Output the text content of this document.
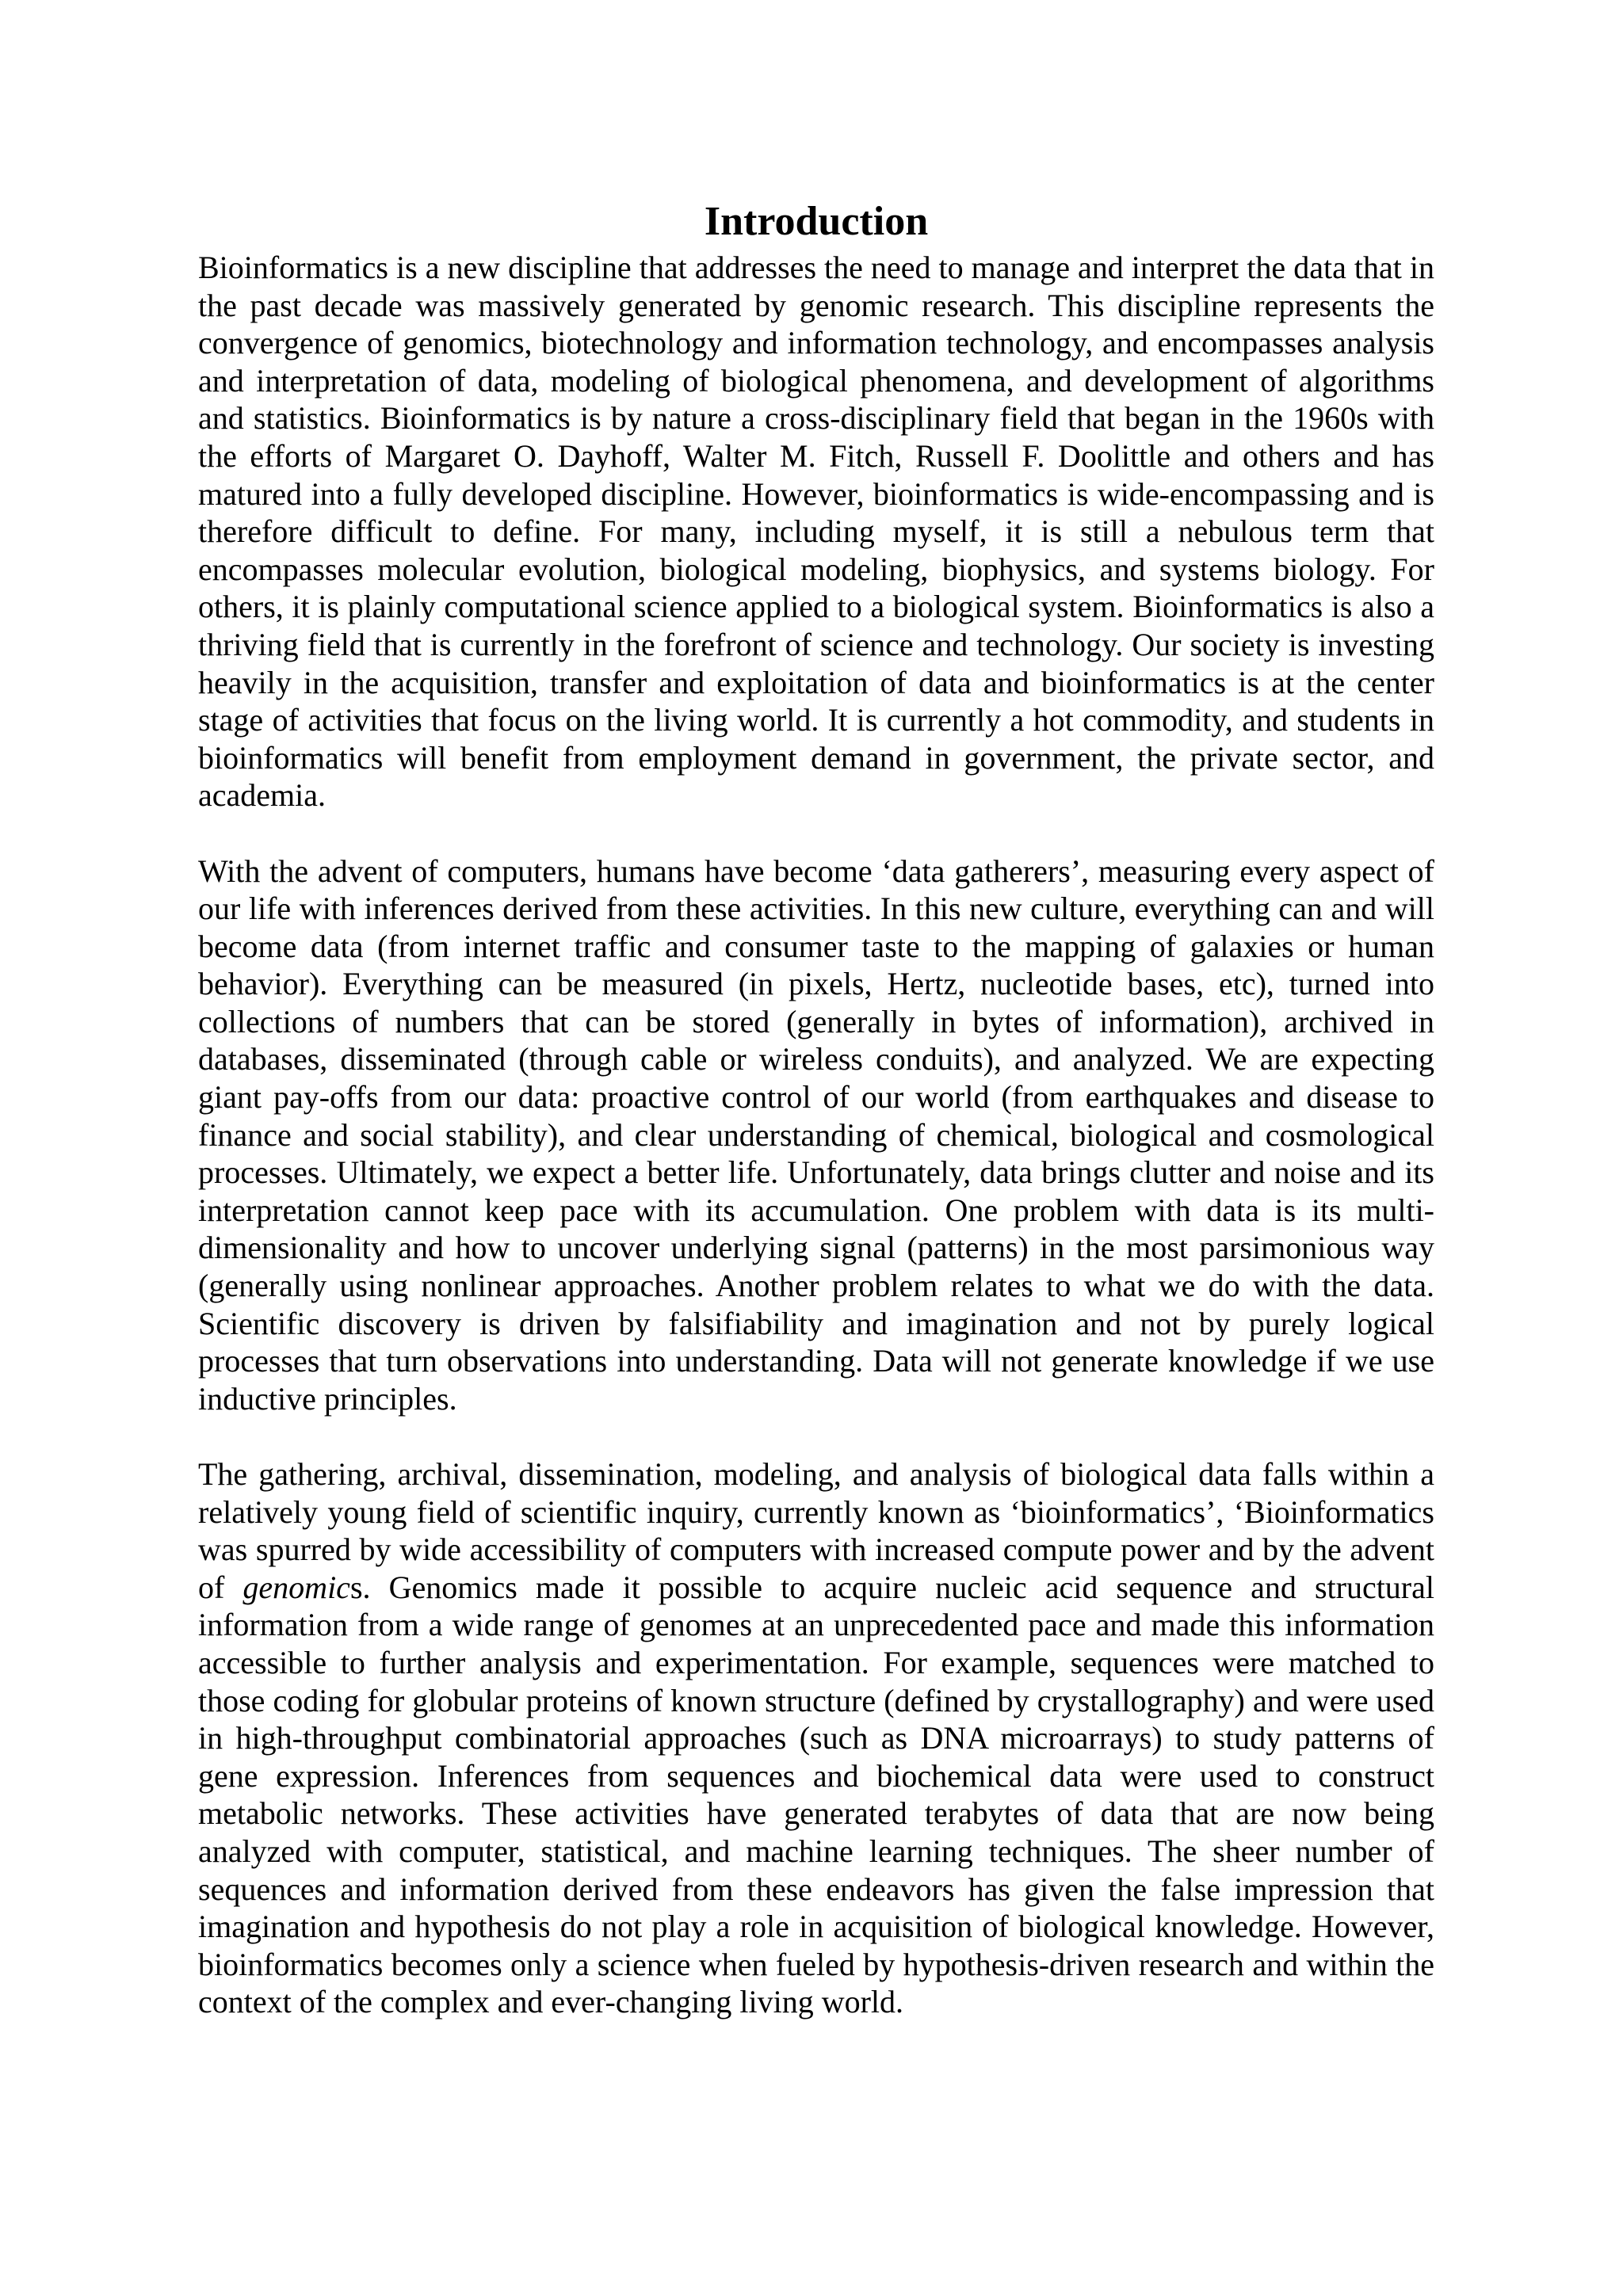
Introduction

Bioinformatics is a new discipline that addresses the need to manage and interpret the data that in the past decade was massively generated by genomic research. This discipline represents the convergence of genomics, biotechnology and information technology, and encompasses analysis and interpretation of data, modeling of biological phenomena, and development of algorithms and statistics. Bioinformatics is by nature a cross-disciplinary field that began in the 1960s with the efforts of Margaret O. Dayhoff, Walter M. Fitch, Russell F. Doolittle and others and has matured into a fully developed discipline. However, bioinformatics is wide-encompassing and is therefore difficult to define. For many, including myself, it is still a nebulous term that encompasses molecular evolution, biological modeling, biophysics, and systems biology. For others, it is plainly computational science applied to a biological system. Bioinformatics is also a thriving field that is currently in the forefront of science and technology. Our society is investing heavily in the acquisition, transfer and exploitation of data and bioinformatics is at the center stage of activities that focus on the living world. It is currently a hot commodity, and students in bioinformatics will benefit from employment demand in government, the private sector, and academia.

With the advent of computers, humans have become ‘data gatherers’, measuring every aspect of our life with inferences derived from these activities. In this new culture, everything can and will become data (from internet traffic and consumer taste to the mapping of galaxies or human behavior). Everything can be measured (in pixels, Hertz, nucleotide bases, etc), turned into collections of numbers that can be stored (generally in bytes of information), archived in databases, disseminated (through cable or wireless conduits), and analyzed. We are expecting giant pay-offs from our data: proactive control of our world (from earthquakes and disease to finance and social stability), and clear understanding of chemical, biological and cosmological processes. Ultimately, we expect a better life. Unfortunately, data brings clutter and noise and its interpretation cannot keep pace with its accumulation. One problem with data is its multi-dimensionality and how to uncover underlying signal (patterns) in the most parsimonious way (generally using nonlinear approaches. Another problem relates to what we do with the data. Scientific discovery is driven by falsifiability and imagination and not by purely logical processes that turn observations into understanding. Data will not generate knowledge if we use inductive principles.

The gathering, archival, dissemination, modeling, and analysis of biological data falls within a relatively young field of scientific inquiry, currently known as ‘bioinformatics’, ‘Bioinformatics was spurred by wide accessibility of computers with increased compute power and by the advent of genomics. Genomics made it possible to acquire nucleic acid sequence and structural information from a wide range of genomes at an unprecedented pace and made this information accessible to further analysis and experimentation. For example, sequences were matched to those coding for globular proteins of known structure (defined by crystallography) and were used in high-throughput combinatorial approaches (such as DNA microarrays) to study patterns of gene expression. Inferences from sequences and biochemical data were used to construct metabolic networks. These activities have generated terabytes of data that are now being analyzed with computer, statistical, and machine learning techniques. The sheer number of sequences and information derived from these endeavors has given the false impression that imagination and hypothesis do not play a role in acquisition of biological knowledge. However, bioinformatics becomes only a science when fueled by hypothesis-driven research and within the context of the complex and ever-changing living world.
